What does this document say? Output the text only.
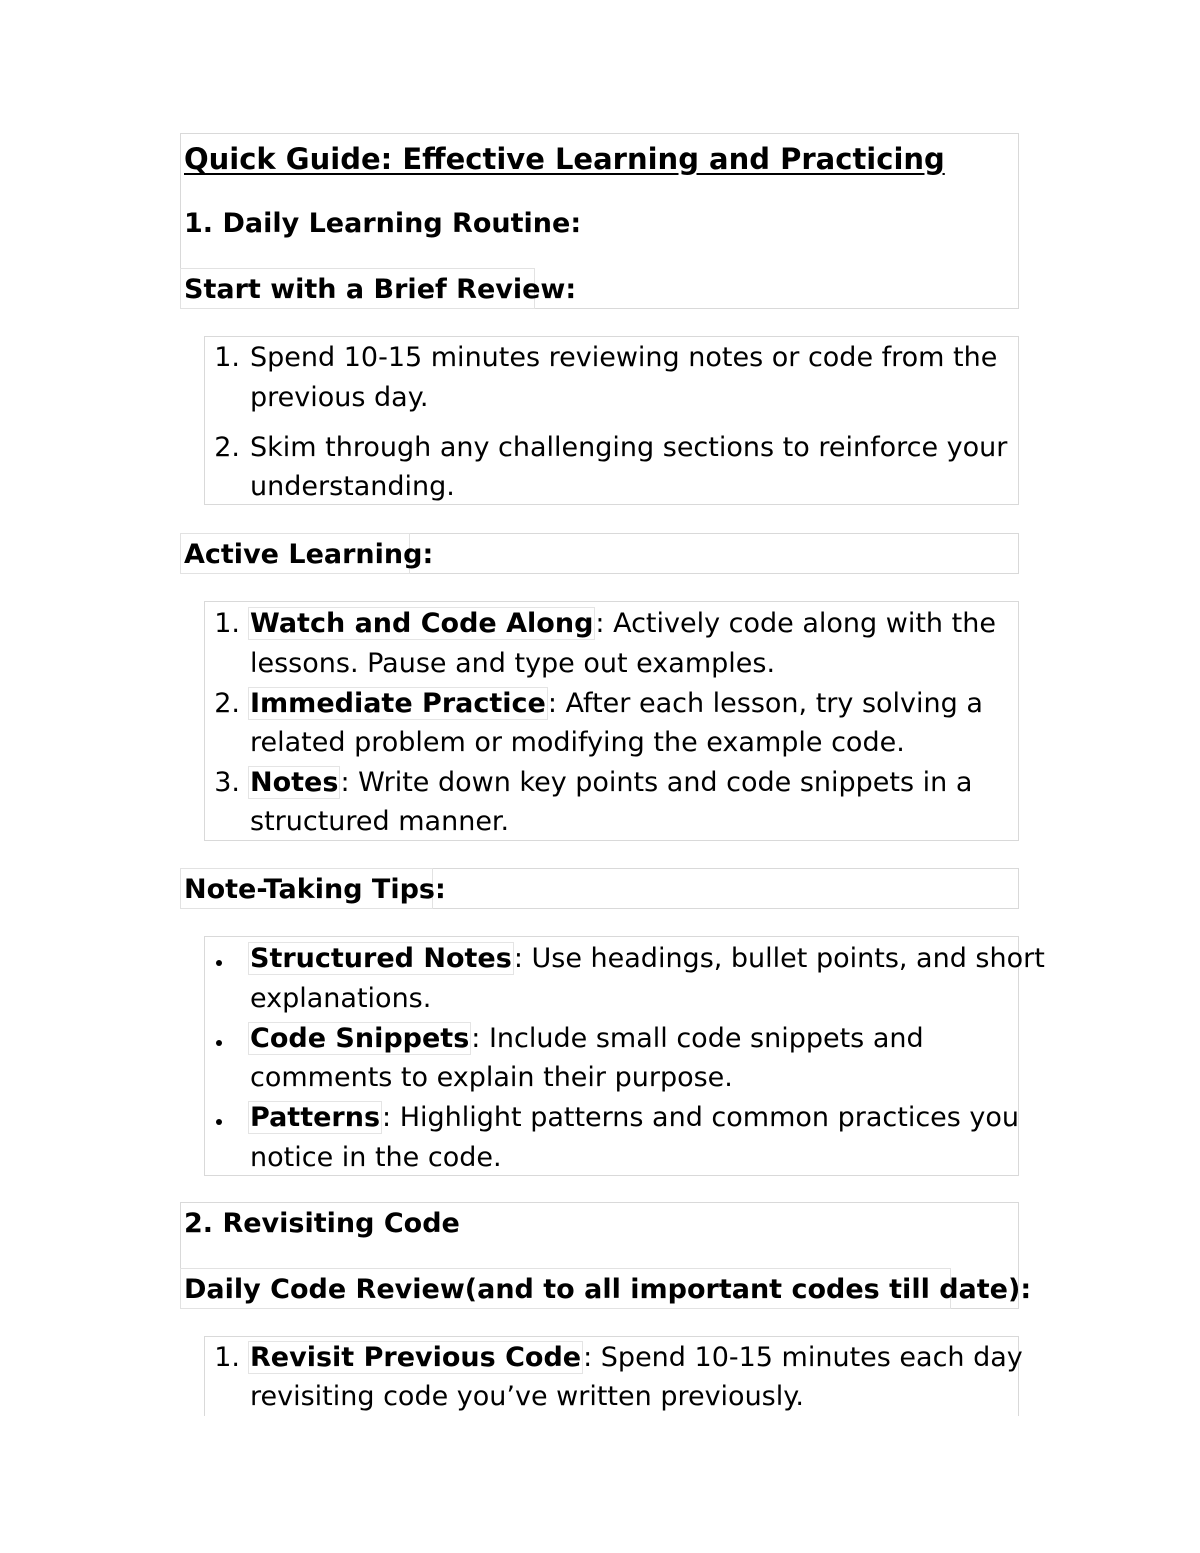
Quick Guide: Effective Learning and Practicing
1. Daily Learning Routine:
Start with a Brief Review:
1. Spend 10-15 minutes reviewing notes or code from the
previous day.
2. Skim through any challenging sections to reinforce your
understanding.
Active Learning:
1. Watch and Code Along: Actively code along with the
lessons. Pause and type out examples.
2. Immediate Practice: After each lesson, try solving a
related problem or modifying the example code.
3. Notes: Write down key points and code snippets in a
structured manner.
Note-Taking Tips:
Structured Notes: Use headings, bullet points, and short
explanations.
Code Snippets: Include small code snippets and
comments to explain their purpose.
Patterns: Highlight patterns and common practices you
notice in the code.
2. Revisiting Code
Daily Code Review(and to all important codes till date):
1. Revisit Previous Code: Spend 10-15 minutes each day
revisiting code you’ve written previously.
